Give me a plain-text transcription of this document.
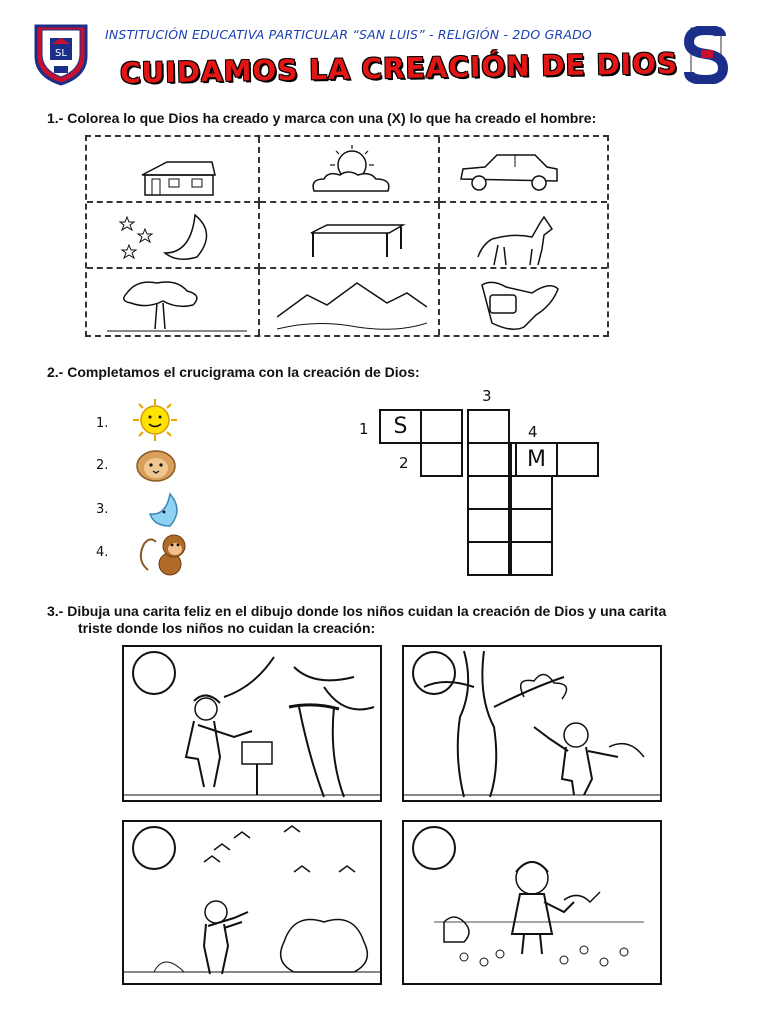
SL
INSTITUCIÓN EDUCATIVA PARTICULAR “SAN LUIS” - RELIGIÓN - 2DO GRADO
CUIDAMOS LA CREACIÓN DE DIOS
1.- Colorea lo que Dios ha creado y marca con una (X) lo que ha creado el hombre:
2.- Completamos el crucigrama con la creación de Dios:
1.
2.
3.
4.
3
1	4
2
S
M
3.- Dibuja una carita feliz en el dibujo donde los niños cuidan la creación de Dios y una carita
triste donde los niños no cuidan la creación:
